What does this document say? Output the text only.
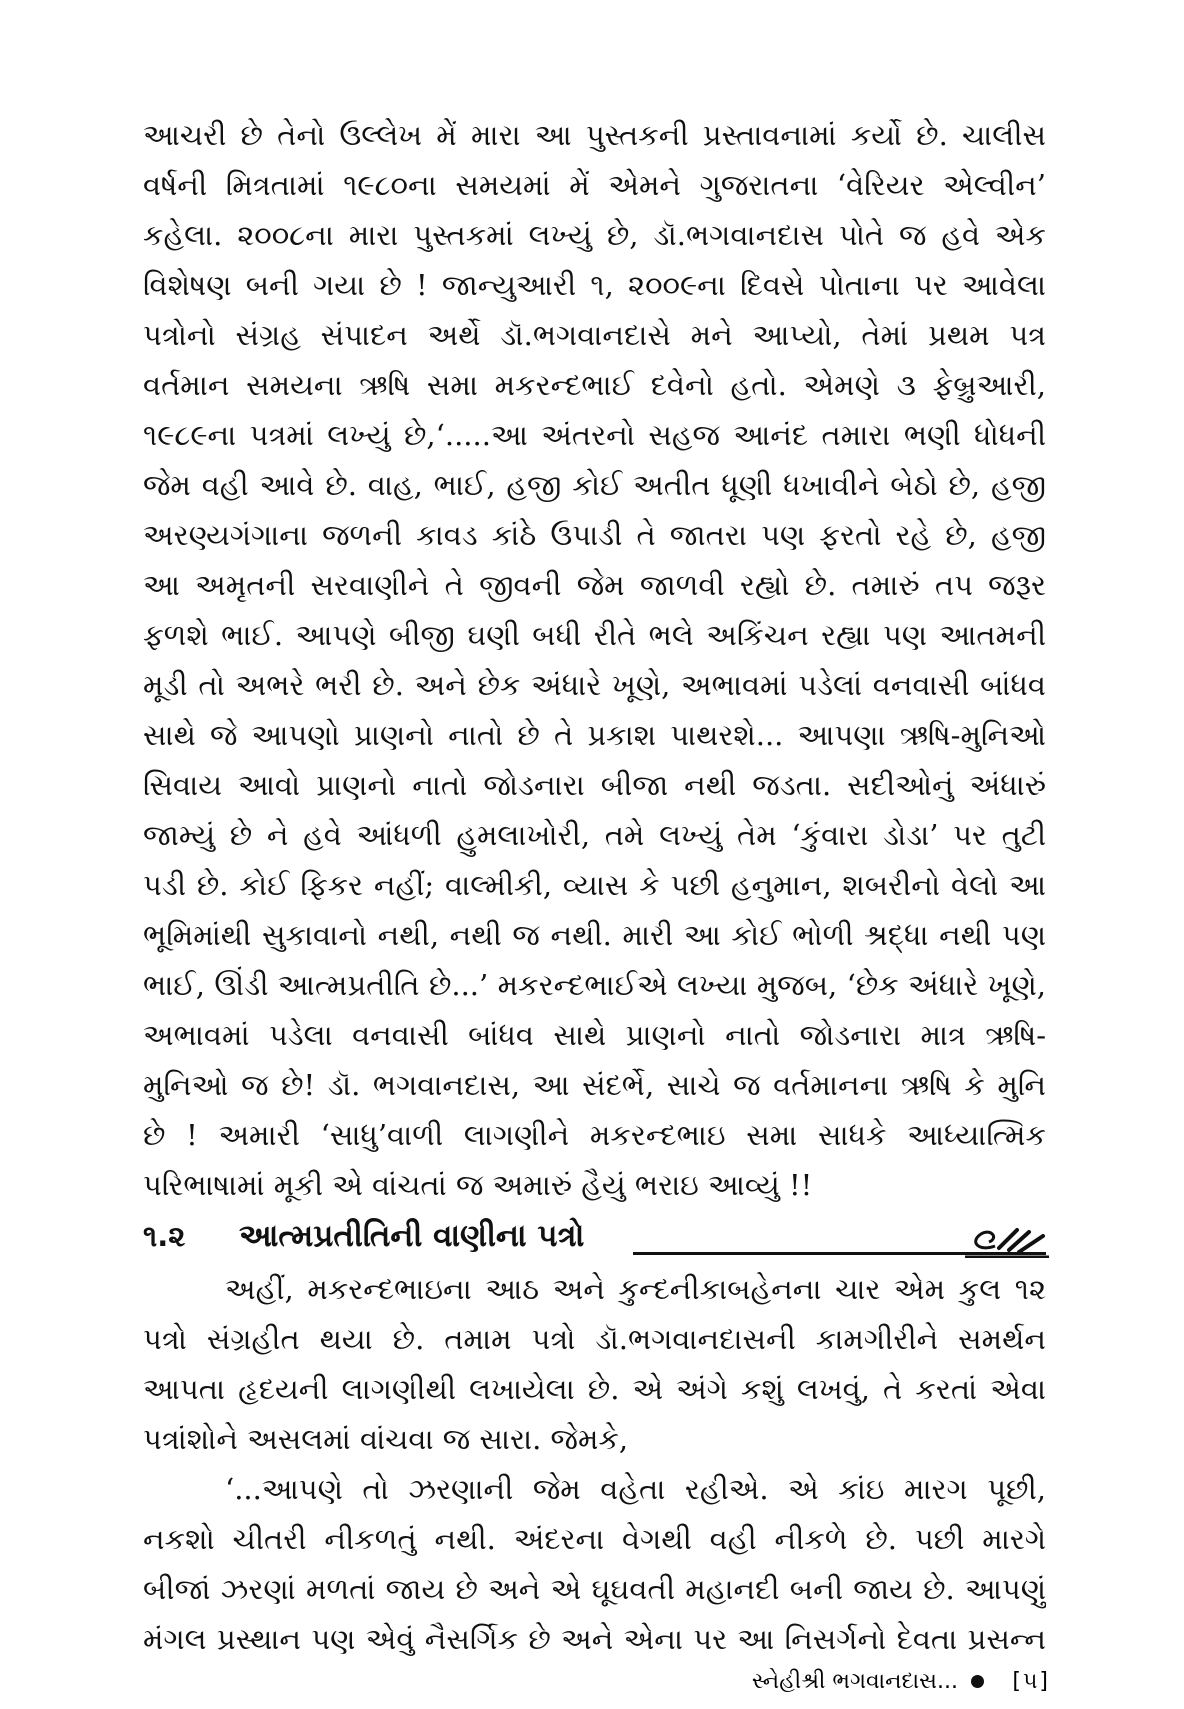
આચરી છે તેનો ઉલ્લેખ મેં મારા આ પુસ્તકની પ્રસ્તાવનામાં કર્યો છે. ચાલીસ
વર્ષની મિત્રતામાં ૧૯૮૦ના સમયમાં મેં એમને ગુજરાતના ‘વેરિયર એલ્વીન’
કહેલા. ૨૦૦૮ના મારા પુસ્તકમાં લખ્યું છે, ડૉ.ભગવાનદાસ પોતે જ હવે એક
વિશેષણ બની ગયા છે ! જાન્યુઆરી ૧, ૨૦૦૯ના દિવસે પોતાના પર આવેલા
પત્રોનો સંગ્રહ સંપાદન અર્થે ડૉ.ભગવાનદાસે મને આપ્યો, તેમાં પ્રથમ પત્ર
વર્તમાન સમયના ઋષિ સમા મકરન્દભાઈ દવેનો હતો. એમણે ૩ ફેબ્રુઆરી,
૧૯૮૯ના પત્રમાં લખ્યું છે,‘.....આ અંતરનો સહજ આનંદ તમારા ભણી ધોધની
જેમ વહી આવે છે. વાહ, ભાઈ, હજી કોઈ અતીત ધૂણી ધખાવીને બેઠો છે, હજી
અરણ્યગંગાના જળની કાવડ કાંઠે ઉપાડી તે જાતરા પણ ફરતો રહે છે, હજી
આ અમૃતની સરવાણીને તે જીવની જેમ જાળવી રહ્યો છે. તમારું તપ જરૂર
ફળશે ભાઈ. આપણે બીજી ઘણી બધી રીતે ભલે અકિંચન રહ્યા પણ આતમની
મૂડી તો અભરે ભરી છે. અને છેક અંધારે ખૂણે, અભાવમાં પડેલાં વનવાસી બાંધવ
સાથે જે આપણો પ્રાણનો નાતો છે તે પ્રકાશ પાથરશે... આપણા ઋષિ-મુનિઓ
સિવાય આવો પ્રાણનો નાતો જોડનારા બીજા નથી જડતા. સદીઓનું અંધારું
જામ્યું છે ને હવે આંધળી હુમલાખોરી, તમે લખ્યું તેમ ‘કુંવારા ડોડા’ પર તુટી
પડી છે. કોઈ ફિકર નહીં; વાલ્મીકી, વ્યાસ કે પછી હનુમાન, શબરીનો વેલો આ
ભૂમિમાંથી સુકાવાનો નથી, નથી જ નથી. મારી આ કોઈ ભોળી શ્રદ્ધા નથી પણ
ભાઈ, ઊંડી આત્મપ્રતીતિ છે...’ મકરન્દભાઈએ લખ્યા મુજબ, ‘છેક અંધારે ખૂણે,
અભાવમાં પડેલા વનવાસી બાંધવ સાથે પ્રાણનો નાતો જોડનારા માત્ર ઋષિ-
મુનિઓ જ છે! ડૉ. ભગવાનદાસ, આ સંદર્ભે, સાચે જ વર્તમાનના ઋષિ કે મુનિ
છે ! અમારી ‘સાધુ’વાળી લાગણીને મકરન્દભાઇ સમા સાધકે આધ્યાત્મિક
પરિભાષામાં મૂકી એ વાંચતાં જ અમારું હૈયું ભરાઇ આવ્યું !!
૧.૨ આત્મપ્રતીતિની વાણીના પત્રો
અહીં, મકરન્દભાઇના આઠ અને કુન્દનીકાબહેનના ચાર એમ કુલ ૧૨
પત્રો સંગ્રહીત થયા છે. તમામ પત્રો ડૉ.ભગવાનદાસની કામગીરીને સમર્થન
આપતા હૃદયની લાગણીથી લખાયેલા છે. એ અંગે કશું લખવું, તે કરતાં એવા
પત્રાંશોને અસલમાં વાંચવા જ સારા. જેમકે,
‘...આપણે તો ઝરણાની જેમ વહેતા રહીએ. એ કાંઇ મારગ પૂછી,
નકશો ચીતરી નીકળતું નથી. અંદરના વેગથી વહી નીકળે છે. પછી મારગે
બીજાં ઝરણાં મળતાં જાય છે અને એ ઘૂઘવતી મહાનદી બની જાય છે. આપણું
મંગલ પ્રસ્થાન પણ એવું નૈસર્ગિક છે અને એના પર આ નિસર્ગનો દેવતા પ્રસન્ન
સ્નેહીશ્રી ભગવાનદાસ... [૫]
